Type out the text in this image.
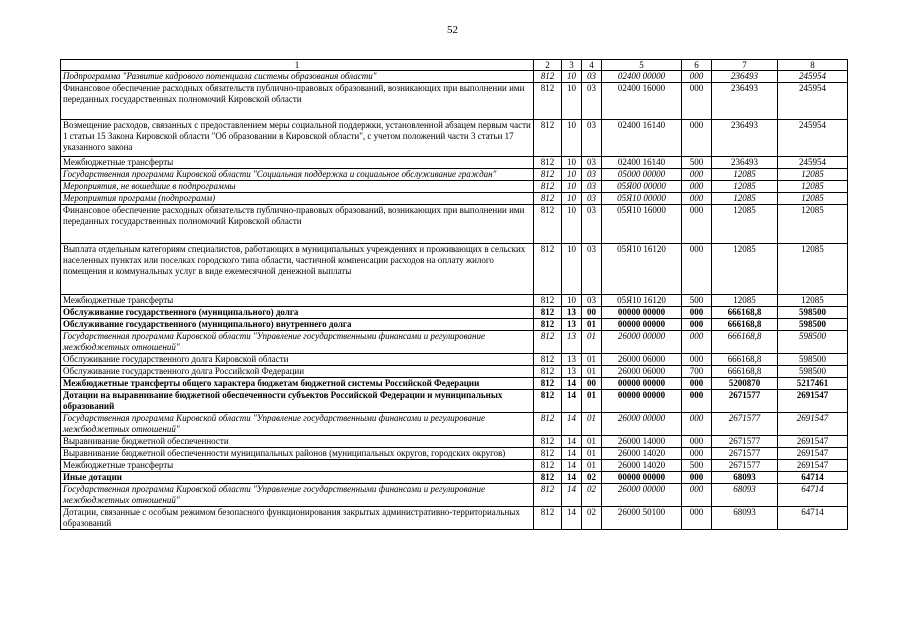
52
1	2	3	4	5	6	7	8
Подпрограмма "Развитие кадрового потенциала системы образования области"	812	10	03	02400 00000	000	236493	245954
Финансовое обеспечение расходных обязательств публично-правовых образований, возникающих при выполнении ими переданных государственных полномочий Кировской области	812	10	03	02400 16000	000	236493	245954
Возмещение расходов, связанных с предоставлением меры социальной поддержки, установленной абзацем первым части 1 статьи 15 Закона Кировской области "Об образовании в Кировской области", с учетом положений части 3 статьи 17 указанного закона	812	10	03	02400 16140	000	236493	245954
Межбюджетные трансферты	812	10	03	02400 16140	500	236493	245954
Государственная программа Кировской области "Социальная поддержка и социальное обслуживание граждан"	812	10	03	05000 00000	000	12085	12085
Мероприятия, не вошедшие в подпрограммы	812	10	03	05Я00 00000	000	12085	12085
Мероприятия программ (подпрограмм)	812	10	03	05Я10 00000	000	12085	12085
Финансовое обеспечение расходных обязательств публично-правовых образований, возникающих при выполнении ими переданных государственных полномочий Кировской области	812	10	03	05Я10 16000	000	12085	12085
Выплата отдельным категориям специалистов, работающих в муниципальных учреждениях и проживающих в сельских населенных пунктах или поселках городского типа области, частичной компенсации расходов на оплату жилого помещения и коммунальных услуг в виде ежемесячной денежной выплаты	812	10	03	05Я10 16120	000	12085	12085
Межбюджетные трансферты	812	10	03	05Я10 16120	500	12085	12085
Обслуживание государственного (муниципального) долга	812	13	00	00000 00000	000	666168,8	598500
Обслуживание государственного (муниципального) внутреннего долга	812	13	01	00000 00000	000	666168,8	598500
Государственная программа Кировской области "Управление государственными финансами и регулирование межбюджетных отношений"	812	13	01	26000 00000	000	666168,8	598500
Обслуживание государственного долга Кировской области	812	13	01	26000 06000	000	666168,8	598500
Обслуживание государственного долга Российской Федерации	812	13	01	26000 06000	700	666168,8	598500
Межбюджетные трансферты общего характера бюджетам бюджетной системы Российской Федерации	812	14	00	00000 00000	000	5200870	5217461
Дотации на выравнивание бюджетной обеспеченности субъектов Российской Федерации и муниципальных образований	812	14	01	00000 00000	000	2671577	2691547
Государственная программа Кировской области "Управление государственными финансами и регулирование межбюджетных отношений"	812	14	01	26000 00000	000	2671577	2691547
Выравнивание бюджетной обеспеченности	812	14	01	26000 14000	000	2671577	2691547
Выравнивание бюджетной обеспеченности муниципальных районов (муниципальных округов, городских округов)	812	14	01	26000 14020	000	2671577	2691547
Межбюджетные трансферты	812	14	01	26000 14020	500	2671577	2691547
Иные дотации	812	14	02	00000 00000	000	68093	64714
Государственная программа Кировской области "Управление государственными финансами и регулирование межбюджетных отношений"	812	14	02	26000 00000	000	68093	64714
Дотации, связанные с особым режимом безопасного функционирования закрытых административно-территориальных образований	812	14	02	26000 50100	000	68093	64714
